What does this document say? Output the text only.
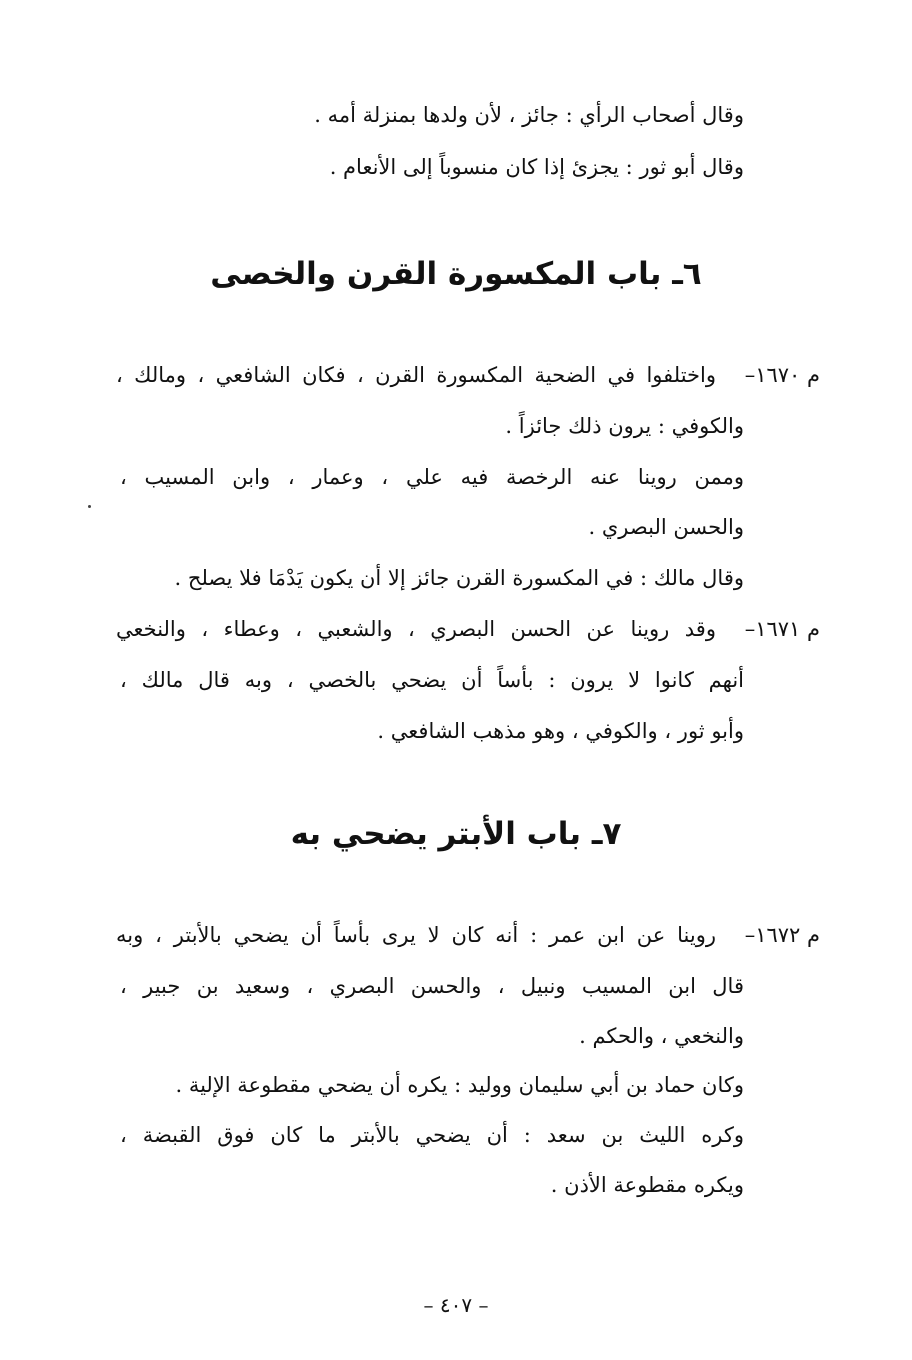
وقال أصحاب الرأي : جائز ، لأن ولدها بمنزلة أمه .
وقال أبو ثور : يجزئ إذا كان منسوباً إلى الأنعام .
٦ـ باب المكسورة القرن والخصى
م ١٦٧٠–
واختلفوا في الضحية المكسورة القرن ، فكان الشافعي ، ومالك ،
والكوفي : يرون ذلك جائزاً .
وممن روينا عنه الرخصة فيه علي ، وعمار ، وابن المسيب ،
والحسن البصري .
وقال مالك : في المكسورة القرن جائز إلا أن يكون يَدْمَا فلا يصلح .
م ١٦٧١–
وقد روينا عن الحسن البصري ، والشعبي ، وعطاء ، والنخعي
أنهم كانوا لا يرون : بأساً أن يضحي بالخصي ، وبه قال مالك ،
وأبو ثور ، والكوفي ، وهو مذهب الشافعي .
٧ـ باب الأبتر يضحي به
م ١٦٧٢–
روينا عن ابن عمر : أنه كان لا يرى بأساً أن يضحي بالأبتر ، وبه
قال ابن المسيب ونبيل ، والحسن البصري ، وسعيد بن جبير ،
والنخعي ، والحكم .
وكان حماد بن أبي سليمان ووليد : يكره أن يضحي مقطوعة الإلية .
وكره الليث بن سعد : أن يضحي بالأبتر ما كان فوق القبضة ،
ويكره مقطوعة الأذن .
– ٤٠٧ –
